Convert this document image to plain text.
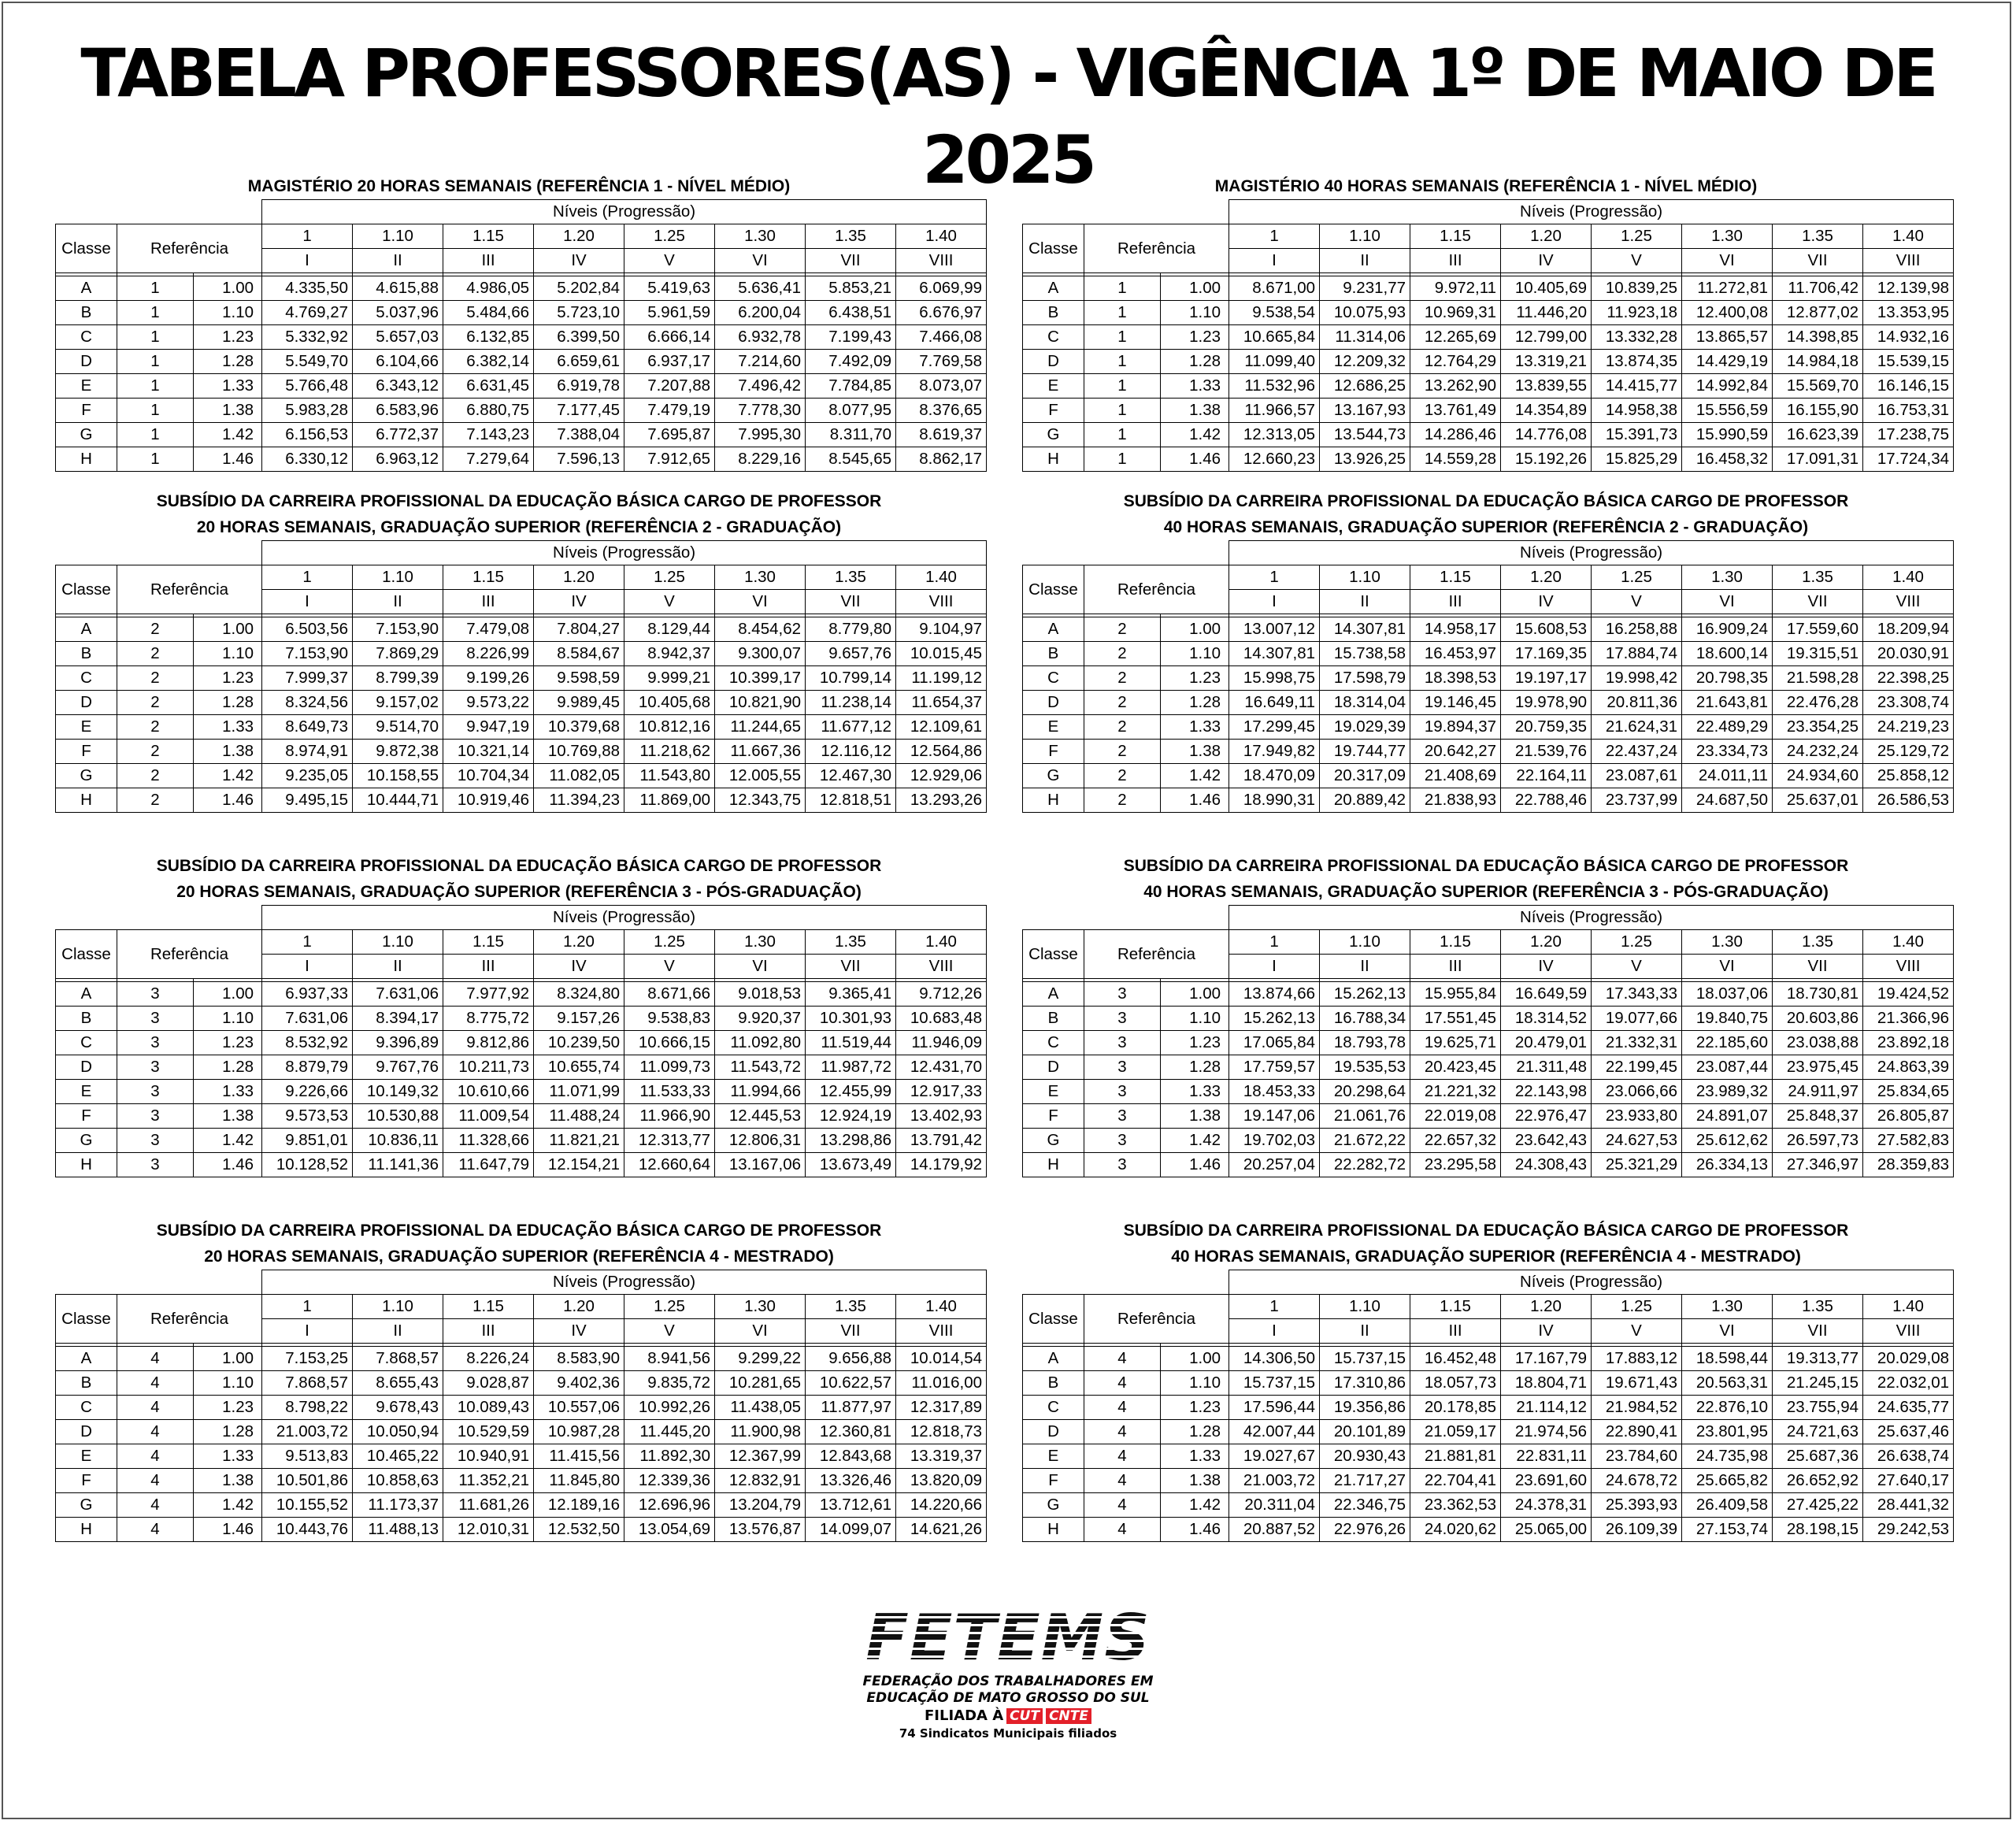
TABELA PROFESSORES(AS) - VIGÊNCIA 1º DE MAIO DE 2025
MAGISTÉRIO 20 HORAS SEMANAIS (REFERÊNCIA 1 - NÍVEL MÉDIO)
			Níveis (Progressão)							
Classe	Referência		1	1.10	1.15	1.20	1.25	1.30	1.35	1.40
			I	II	III	IV	V	VI	VII	VIII

A	1	1.00	4.335,50	4.615,88	4.986,05	5.202,84	5.419,63	5.636,41	5.853,21	6.069,99
B	1	1.10	4.769,27	5.037,96	5.484,66	5.723,10	5.961,59	6.200,04	6.438,51	6.676,97
C	1	1.23	5.332,92	5.657,03	6.132,85	6.399,50	6.666,14	6.932,78	7.199,43	7.466,08
D	1	1.28	5.549,70	6.104,66	6.382,14	6.659,61	6.937,17	7.214,60	7.492,09	7.769,58
E	1	1.33	5.766,48	6.343,12	6.631,45	6.919,78	7.207,88	7.496,42	7.784,85	8.073,07
F	1	1.38	5.983,28	6.583,96	6.880,75	7.177,45	7.479,19	7.778,30	8.077,95	8.376,65
G	1	1.42	6.156,53	6.772,37	7.143,23	7.388,04	7.695,87	7.995,30	8.311,70	8.619,37
H	1	1.46	6.330,12	6.963,12	7.279,64	7.596,13	7.912,65	8.229,16	8.545,65	8.862,17
MAGISTÉRIO 40 HORAS SEMANAIS (REFERÊNCIA 1 - NÍVEL MÉDIO)
			Níveis (Progressão)							
Classe	Referência		1	1.10	1.15	1.20	1.25	1.30	1.35	1.40
			I	II	III	IV	V	VI	VII	VIII

A	1	1.00	8.671,00	9.231,77	9.972,11	10.405,69	10.839,25	11.272,81	11.706,42	12.139,98
B	1	1.10	9.538,54	10.075,93	10.969,31	11.446,20	11.923,18	12.400,08	12.877,02	13.353,95
C	1	1.23	10.665,84	11.314,06	12.265,69	12.799,00	13.332,28	13.865,57	14.398,85	14.932,16
D	1	1.28	11.099,40	12.209,32	12.764,29	13.319,21	13.874,35	14.429,19	14.984,18	15.539,15
E	1	1.33	11.532,96	12.686,25	13.262,90	13.839,55	14.415,77	14.992,84	15.569,70	16.146,15
F	1	1.38	11.966,57	13.167,93	13.761,49	14.354,89	14.958,38	15.556,59	16.155,90	16.753,31
G	1	1.42	12.313,05	13.544,73	14.286,46	14.776,08	15.391,73	15.990,59	16.623,39	17.238,75
H	1	1.46	12.660,23	13.926,25	14.559,28	15.192,26	15.825,29	16.458,32	17.091,31	17.724,34
SUBSÍDIO DA CARREIRA PROFISSIONAL DA EDUCAÇÃO BÁSICA CARGO DE PROFESSOR
20 HORAS SEMANAIS, GRADUAÇÃO SUPERIOR (REFERÊNCIA 2 - GRADUAÇÃO)
			Níveis (Progressão)							
Classe	Referência		1	1.10	1.15	1.20	1.25	1.30	1.35	1.40
			I	II	III	IV	V	VI	VII	VIII

A	2	1.00	6.503,56	7.153,90	7.479,08	7.804,27	8.129,44	8.454,62	8.779,80	9.104,97
B	2	1.10	7.153,90	7.869,29	8.226,99	8.584,67	8.942,37	9.300,07	9.657,76	10.015,45
C	2	1.23	7.999,37	8.799,39	9.199,26	9.598,59	9.999,21	10.399,17	10.799,14	11.199,12
D	2	1.28	8.324,56	9.157,02	9.573,22	9.989,45	10.405,68	10.821,90	11.238,14	11.654,37
E	2	1.33	8.649,73	9.514,70	9.947,19	10.379,68	10.812,16	11.244,65	11.677,12	12.109,61
F	2	1.38	8.974,91	9.872,38	10.321,14	10.769,88	11.218,62	11.667,36	12.116,12	12.564,86
G	2	1.42	9.235,05	10.158,55	10.704,34	11.082,05	11.543,80	12.005,55	12.467,30	12.929,06
H	2	1.46	9.495,15	10.444,71	10.919,46	11.394,23	11.869,00	12.343,75	12.818,51	13.293,26
SUBSÍDIO DA CARREIRA PROFISSIONAL DA EDUCAÇÃO BÁSICA CARGO DE PROFESSOR
40 HORAS SEMANAIS, GRADUAÇÃO SUPERIOR (REFERÊNCIA 2 - GRADUAÇÃO)
			Níveis (Progressão)							
Classe	Referência		1	1.10	1.15	1.20	1.25	1.30	1.35	1.40
			I	II	III	IV	V	VI	VII	VIII

A	2	1.00	13.007,12	14.307,81	14.958,17	15.608,53	16.258,88	16.909,24	17.559,60	18.209,94
B	2	1.10	14.307,81	15.738,58	16.453,97	17.169,35	17.884,74	18.600,14	19.315,51	20.030,91
C	2	1.23	15.998,75	17.598,79	18.398,53	19.197,17	19.998,42	20.798,35	21.598,28	22.398,25
D	2	1.28	16.649,11	18.314,04	19.146,45	19.978,90	20.811,36	21.643,81	22.476,28	23.308,74
E	2	1.33	17.299,45	19.029,39	19.894,37	20.759,35	21.624,31	22.489,29	23.354,25	24.219,23
F	2	1.38	17.949,82	19.744,77	20.642,27	21.539,76	22.437,24	23.334,73	24.232,24	25.129,72
G	2	1.42	18.470,09	20.317,09	21.408,69	22.164,11	23.087,61	24.011,11	24.934,60	25.858,12
H	2	1.46	18.990,31	20.889,42	21.838,93	22.788,46	23.737,99	24.687,50	25.637,01	26.586,53
SUBSÍDIO DA CARREIRA PROFISSIONAL DA EDUCAÇÃO BÁSICA CARGO DE PROFESSOR
20 HORAS SEMANAIS, GRADUAÇÃO SUPERIOR (REFERÊNCIA 3 - PÓS-GRADUAÇÃO)
			Níveis (Progressão)							
Classe	Referência		1	1.10	1.15	1.20	1.25	1.30	1.35	1.40
			I	II	III	IV	V	VI	VII	VIII

A	3	1.00	6.937,33	7.631,06	7.977,92	8.324,80	8.671,66	9.018,53	9.365,41	9.712,26
B	3	1.10	7.631,06	8.394,17	8.775,72	9.157,26	9.538,83	9.920,37	10.301,93	10.683,48
C	3	1.23	8.532,92	9.396,89	9.812,86	10.239,50	10.666,15	11.092,80	11.519,44	11.946,09
D	3	1.28	8.879,79	9.767,76	10.211,73	10.655,74	11.099,73	11.543,72	11.987,72	12.431,70
E	3	1.33	9.226,66	10.149,32	10.610,66	11.071,99	11.533,33	11.994,66	12.455,99	12.917,33
F	3	1.38	9.573,53	10.530,88	11.009,54	11.488,24	11.966,90	12.445,53	12.924,19	13.402,93
G	3	1.42	9.851,01	10.836,11	11.328,66	11.821,21	12.313,77	12.806,31	13.298,86	13.791,42
H	3	1.46	10.128,52	11.141,36	11.647,79	12.154,21	12.660,64	13.167,06	13.673,49	14.179,92
SUBSÍDIO DA CARREIRA PROFISSIONAL DA EDUCAÇÃO BÁSICA CARGO DE PROFESSOR
40 HORAS SEMANAIS, GRADUAÇÃO SUPERIOR (REFERÊNCIA 3 - PÓS-GRADUAÇÃO)
			Níveis (Progressão)							
Classe	Referência		1	1.10	1.15	1.20	1.25	1.30	1.35	1.40
			I	II	III	IV	V	VI	VII	VIII

A	3	1.00	13.874,66	15.262,13	15.955,84	16.649,59	17.343,33	18.037,06	18.730,81	19.424,52
B	3	1.10	15.262,13	16.788,34	17.551,45	18.314,52	19.077,66	19.840,75	20.603,86	21.366,96
C	3	1.23	17.065,84	18.793,78	19.625,71	20.479,01	21.332,31	22.185,60	23.038,88	23.892,18
D	3	1.28	17.759,57	19.535,53	20.423,45	21.311,48	22.199,45	23.087,44	23.975,45	24.863,39
E	3	1.33	18.453,33	20.298,64	21.221,32	22.143,98	23.066,66	23.989,32	24.911,97	25.834,65
F	3	1.38	19.147,06	21.061,76	22.019,08	22.976,47	23.933,80	24.891,07	25.848,37	26.805,87
G	3	1.42	19.702,03	21.672,22	22.657,32	23.642,43	24.627,53	25.612,62	26.597,73	27.582,83
H	3	1.46	20.257,04	22.282,72	23.295,58	24.308,43	25.321,29	26.334,13	27.346,97	28.359,83
SUBSÍDIO DA CARREIRA PROFISSIONAL DA EDUCAÇÃO BÁSICA CARGO DE PROFESSOR
20 HORAS SEMANAIS, GRADUAÇÃO SUPERIOR (REFERÊNCIA 4 - MESTRADO)
			Níveis (Progressão)							
Classe	Referência		1	1.10	1.15	1.20	1.25	1.30	1.35	1.40
			I	II	III	IV	V	VI	VII	VIII

A	4	1.00	7.153,25	7.868,57	8.226,24	8.583,90	8.941,56	9.299,22	9.656,88	10.014,54
B	4	1.10	7.868,57	8.655,43	9.028,87	9.402,36	9.835,72	10.281,65	10.622,57	11.016,00
C	4	1.23	8.798,22	9.678,43	10.089,43	10.557,06	10.992,26	11.438,05	11.877,97	12.317,89
D	4	1.28	21.003,72	10.050,94	10.529,59	10.987,28	11.445,20	11.900,98	12.360,81	12.818,73
E	4	1.33	9.513,83	10.465,22	10.940,91	11.415,56	11.892,30	12.367,99	12.843,68	13.319,37
F	4	1.38	10.501,86	10.858,63	11.352,21	11.845,80	12.339,36	12.832,91	13.326,46	13.820,09
G	4	1.42	10.155,52	11.173,37	11.681,26	12.189,16	12.696,96	13.204,79	13.712,61	14.220,66
H	4	1.46	10.443,76	11.488,13	12.010,31	12.532,50	13.054,69	13.576,87	14.099,07	14.621,26
SUBSÍDIO DA CARREIRA PROFISSIONAL DA EDUCAÇÃO BÁSICA CARGO DE PROFESSOR
40 HORAS SEMANAIS, GRADUAÇÃO SUPERIOR (REFERÊNCIA 4 - MESTRADO)
			Níveis (Progressão)							
Classe	Referência		1	1.10	1.15	1.20	1.25	1.30	1.35	1.40
			I	II	III	IV	V	VI	VII	VIII

A	4	1.00	14.306,50	15.737,15	16.452,48	17.167,79	17.883,12	18.598,44	19.313,77	20.029,08
B	4	1.10	15.737,15	17.310,86	18.057,73	18.804,71	19.671,43	20.563,31	21.245,15	22.032,01
C	4	1.23	17.596,44	19.356,86	20.178,85	21.114,12	21.984,52	22.876,10	23.755,94	24.635,77
D	4	1.28	42.007,44	20.101,89	21.059,17	21.974,56	22.890,41	23.801,95	24.721,63	25.637,46
E	4	1.33	19.027,67	20.930,43	21.881,81	22.831,11	23.784,60	24.735,98	25.687,36	26.638,74
F	4	1.38	21.003,72	21.717,27	22.704,41	23.691,60	24.678,72	25.665,82	26.652,92	27.640,17
G	4	1.42	20.311,04	22.346,75	23.362,53	24.378,31	25.393,93	26.409,58	27.425,22	28.441,32
H	4	1.46	20.887,52	22.976,26	24.020,62	25.065,00	26.109,39	27.153,74	28.198,15	29.242,53
FETEMS
FEDERAÇÃO DOS TRABALHADORES EM
EDUCAÇÃO DE MATO GROSSO DO SUL
FILIADA À CUT CNTE
74 Sindicatos Municipais filiados
